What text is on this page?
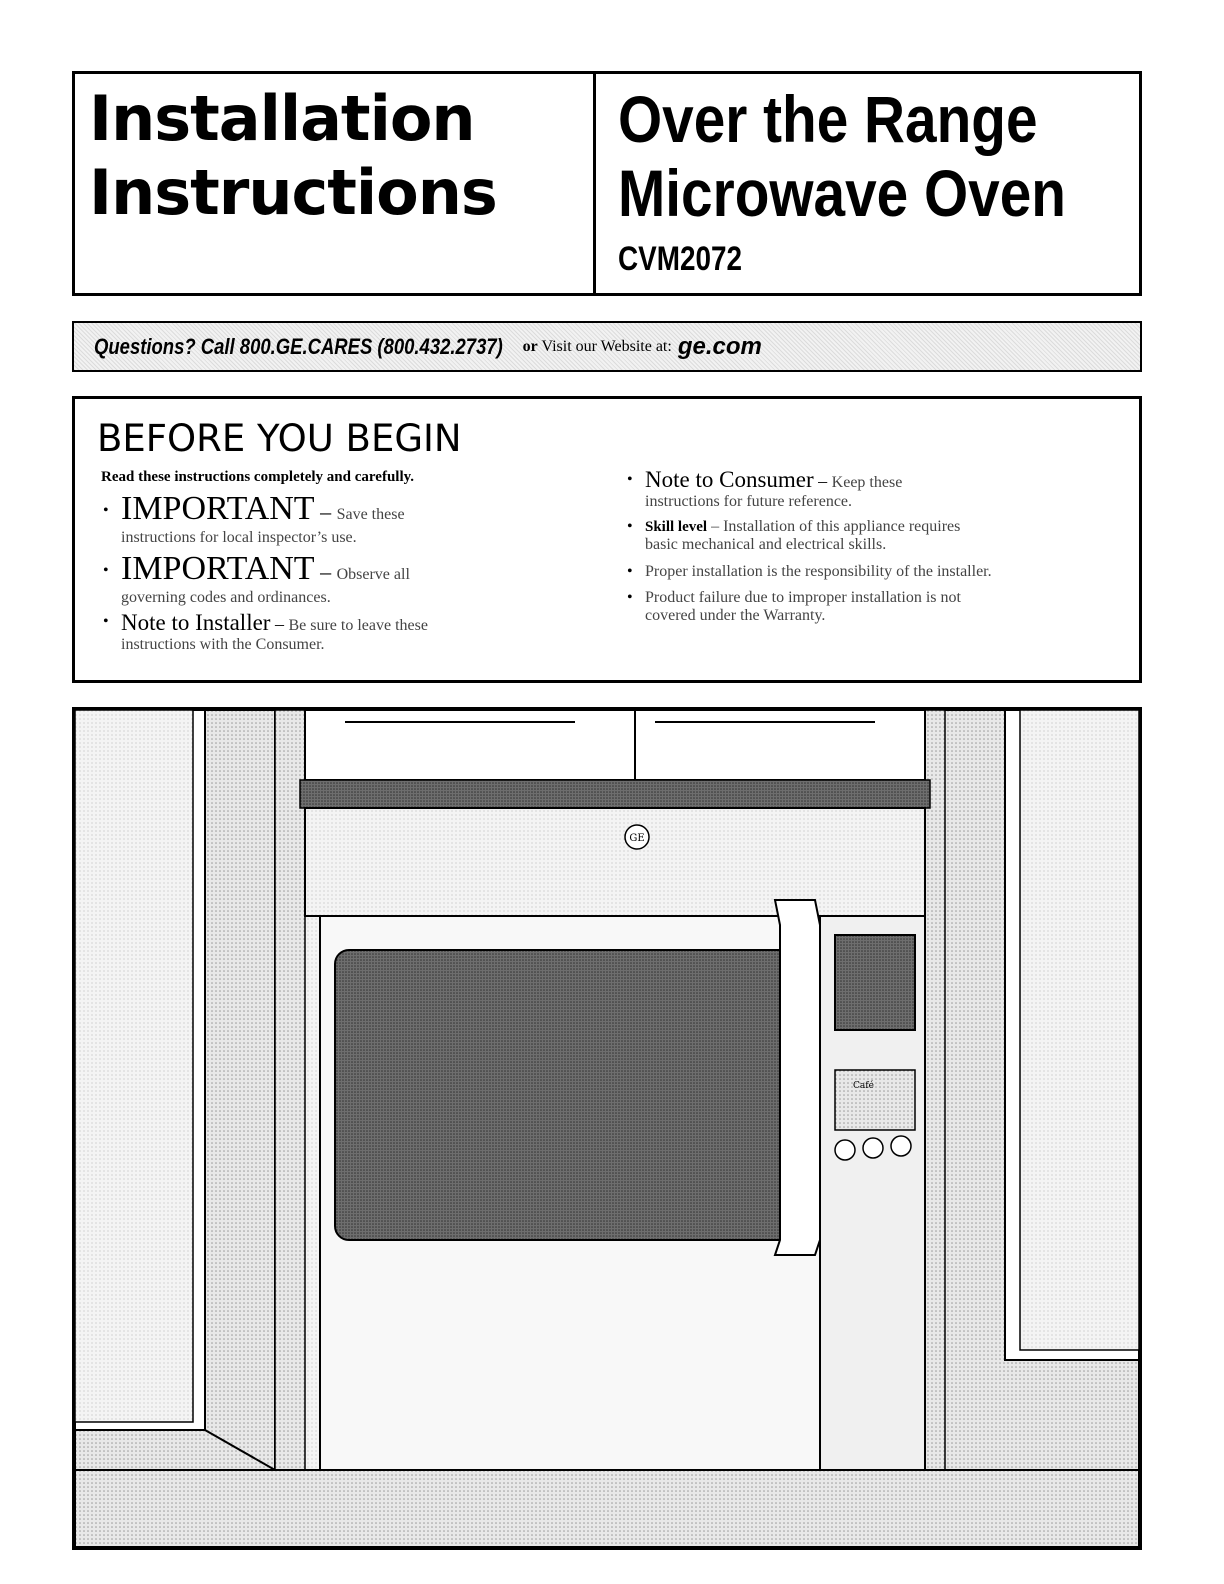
Installation

Instructions

Over the Range

Microwave Oven

CVM2072
Questions? Call 800.GE.CARES (800.432.2737) or Visit our Website at: ge.com
BEFORE YOU BEGIN

Read these instructions completely and carefully.

• IMPORTANT – Save these
instructions for local inspector’s use.
• IMPORTANT – Observe all
governing codes and ordinances.
• Note to Installer – Be sure to leave these
instructions with the Consumer.
• Note to Consumer – Keep these
instructions for future reference.
• Skill level – Installation of this appliance requires
basic mechanical and electrical skills.
• Proper installation is the responsibility of the installer.
• Product failure due to improper installation is not
covered under the Warranty.
GE
Café
